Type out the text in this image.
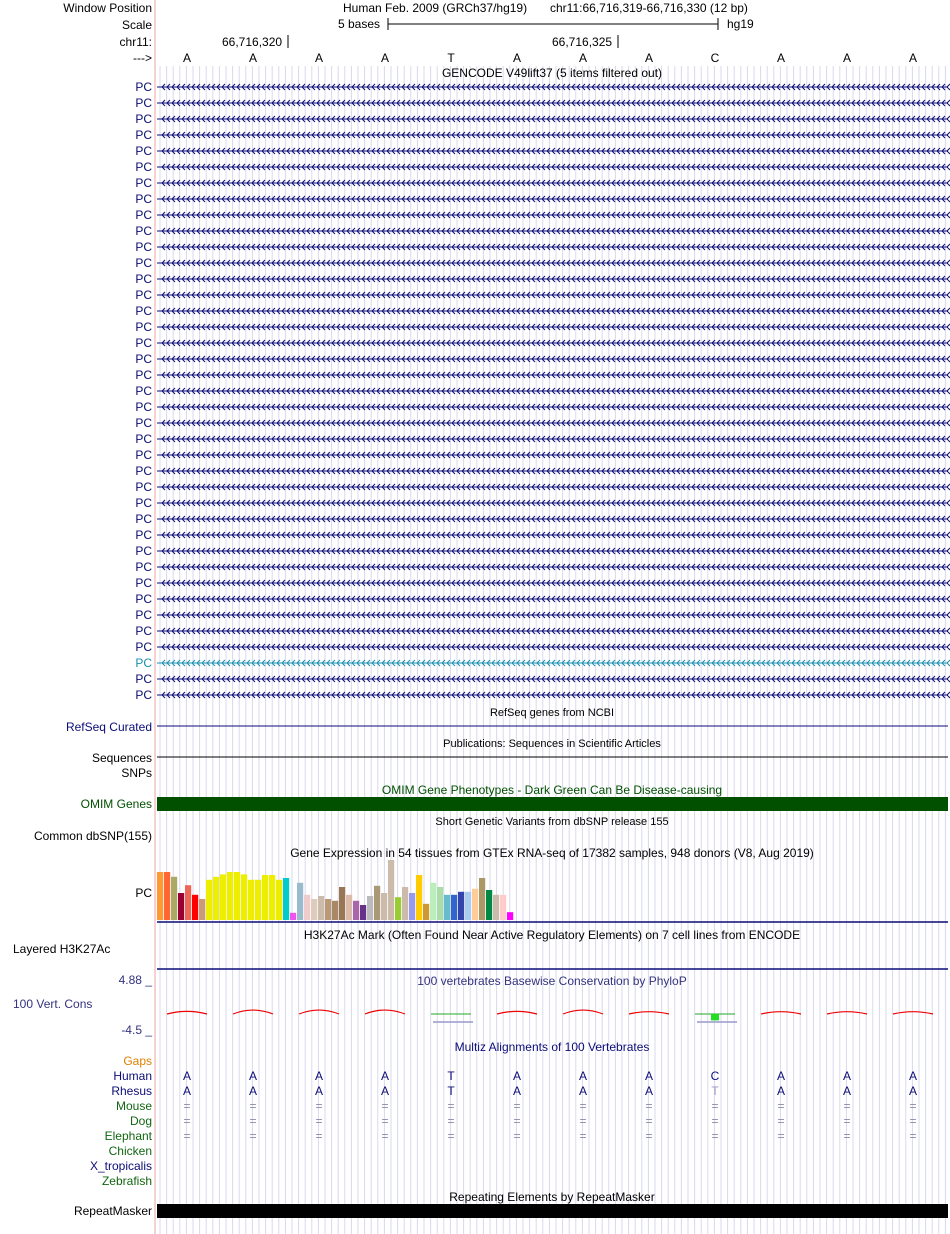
Window Position	Human Feb. 2009 (GRCh37/hg19) chr11:66,716,319-66,716,330 (12 bp)
Scale	5 bases	hg19
chr11:	66,716,320	66,716,325
--->	A	A	A	A	T	A	A	A	C	A	A	A
GENCODE V49lift37 (5 items filtered out)
PC
PC
PC
PC
PC
PC
PC
PC
PC
PC
PC
PC
PC
PC
PC
PC
PC
PC
PC
PC
PC
PC
PC
PC
PC
PC
PC
PC
PC
PC
PC
PC
PC
PC
PC
PC
PC
PC
PC
RefSeq genes from NCBI
RefSeq Curated
Publications: Sequences in Scientific Articles
Sequences
SNPs
OMIM Gene Phenotypes - Dark Green Can Be Disease-causing
OMIM Genes
Short Genetic Variants from dbSNP release 155
Common dbSNP(155)
Gene Expression in 54 tissues from GTEx RNA-seq of 17382 samples, 948 donors (V8, Aug 2019)
PC
H3K27Ac Mark (Often Found Near Active Regulatory Elements) on 7 cell lines from ENCODE
Layered H3K27Ac
100 vertebrates Basewise Conservation by PhyloP
4.88 _
100 Vert. Cons
-4.5 _
Multiz Alignments of 100 Vertebrates
Gaps
Human	A	A	A	A	T	A	A	A	C	A	A	A
Rhesus	A	A	A	A	T	A	A	A	T	A	A	A
Mouse	=	=	=	=	=	=	=	=	=	=	=	=
Dog	=	=	=	=	=	=	=	=	=	=	=	=
Elephant	=	=	=	=	=	=	=	=	=	=	=	=
Chicken
X_tropicalis
Zebrafish
Repeating Elements by RepeatMasker
RepeatMasker
